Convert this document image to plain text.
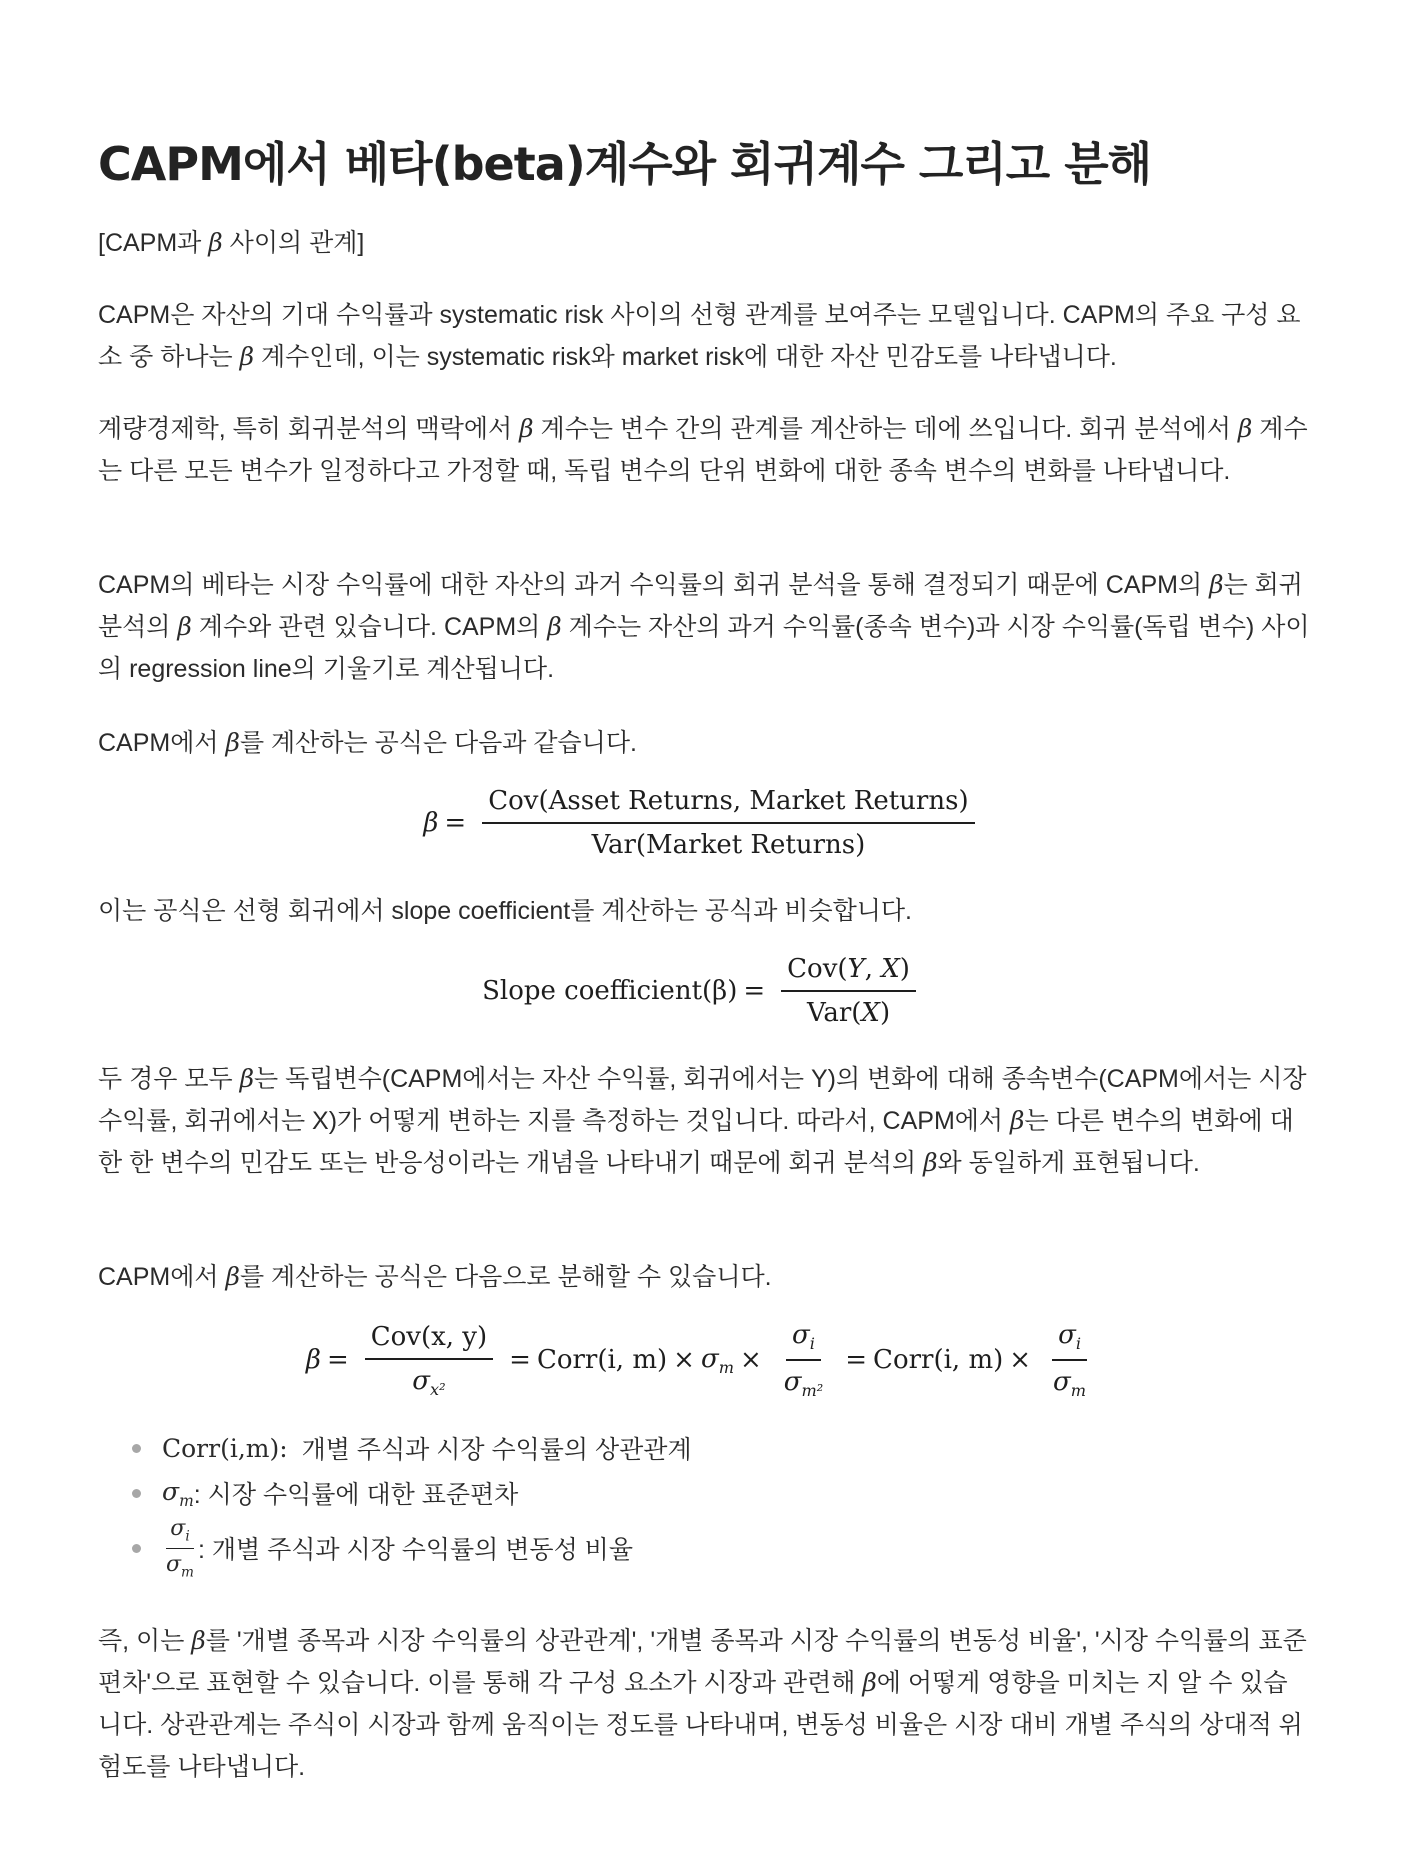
CAPM에서 베타(beta)계수와 회귀계수 그리고 분해

[CAPM과 β 사이의 관계]

CAPM은 자산의 기대 수익률과 systematic risk 사이의 선형 관계를 보여주는 모델입니다. CAPM의 주요 구성 요소 중 하나는 β 계수인데, 이는 systematic risk와 market risk에 대한 자산 민감도를 나타냅니다.

계량경제학, 특히 회귀분석의 맥락에서 β 계수는 변수 간의 관계를 계산하는 데에 쓰입니다. 회귀 분석에서 β 계수는 다른 모든 변수가 일정하다고 가정할 때, 독립 변수의 단위 변화에 대한 종속 변수의 변화를 나타냅니다.

CAPM의 베타는 시장 수익률에 대한 자산의 과거 수익률의 회귀 분석을 통해 결정되기 때문에 CAPM의 β는 회귀 분석의 β 계수와 관련 있습니다. CAPM의 β 계수는 자산의 과거 수익률(종속 변수)과 시장 수익률(독립 변수) 사이의 regression line의 기울기로 계산됩니다.

CAPM에서 β를 계산하는 공식은 다음과 같습니다.

$\beta = \frac{\text{Cov(Asset Returns, Market Returns)}}{\text{Var(Market Returns)}}$

이는 공식은 선형 회귀에서 slope coefficient를 계산하는 공식과 비슷합니다.

Slope coefficient(β) = $\frac{\text{Cov(Y, X)}}{\text{Var(X)}}$

두 경우 모두 β는 독립변수(CAPM에서는 자산 수익률, 회귀에서는 Y)의 변화에 대해 종속변수(CAPM에서는 시장 수익률, 회귀에서는 X)가 어떻게 변하는 지를 측정하는 것입니다. 따라서, CAPM에서 β는 다른 변수의 변화에 대한 한 변수의 민감도 또는 반응성이라는 개념을 나타내기 때문에 회귀 분석의 β와 동일하게 표현됩니다.

CAPM에서 β를 계산하는 공식은 다음으로 분해할 수 있습니다.

$\beta = \frac{\text{Cov(x, y)}}{\sigma_{x^2}}$ = Corr(i, $m) \times \sigma_m \times \frac{\sigma_i}{\sigma_{m^2}}$ = Corr(i, $m) \times \frac{\sigma_i}{\sigma_m}$
Corr(i,m): 개별 주식과 시장 수익률의 상관관계
$\sigma_m$ : 시장 수익률에 대한 표준편차
$\frac{\sigma_i}{\sigma_m}$ : 개별 주식과 시장 수익률의 변동성 비율

즉, 이는 β를 '개별 종목과 시장 수익률의 상관관계', '개별 종목과 시장 수익률의 변동성 비율', '시장 수익률의 표준편차'으로 표현할 수 있습니다. 이를 통해 각 구성 요소가 시장과 관련해 β에 어떻게 영향을 미치는 지 알 수 있습니다. 상관관계는 주식이 시장과 함께 움직이는 정도를 나타내며, 변동성 비율은 시장 대비 개별 주식의 상대적 위험도를 나타냅니다.
